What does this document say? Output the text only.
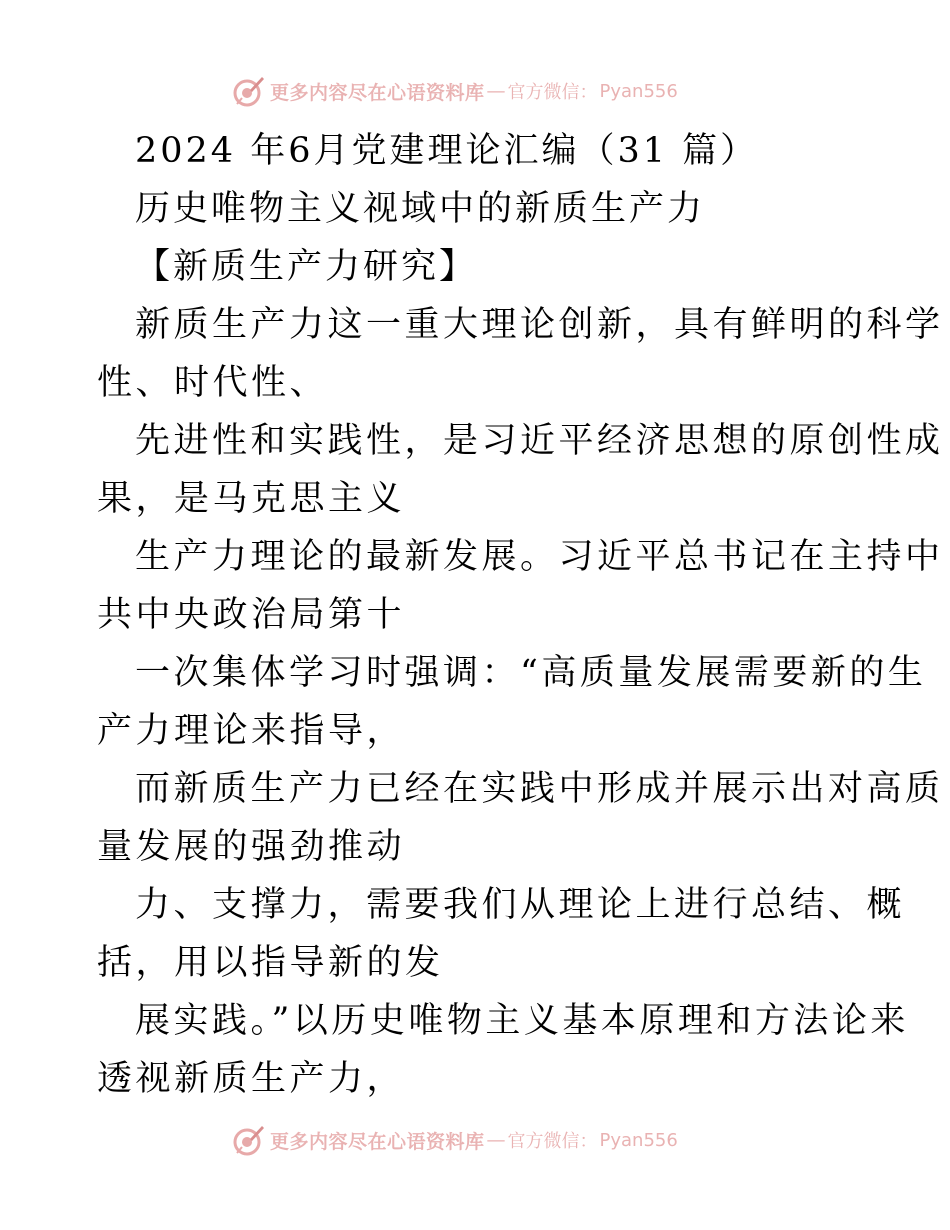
更多内容尽在心语资料库 — 官方微信： Pyan556
2024 年6月党建理论汇编（31 篇）
历史唯物主义视域中的新质生产力
【新质生产力研究】
新质生产力这一重大理论创新，具有鲜明的科学
性、时代性、
先进性和实践性，是习近平经济思想的原创性成
果，是马克思主义
生产力理论的最新发展。习近平总书记在主持中
共中央政治局第十
一次集体学习时强调：“高质量发展需要新的生
产力理论来指导，
而新质生产力已经在实践中形成并展示出对高质
量发展的强劲推动
力、支撑力，需要我们从理论上进行总结、概
括，用以指导新的发
展实践。”以历史唯物主义基本原理和方法论来
透视新质生产力，
更多内容尽在心语资料库 — 官方微信： Pyan556
